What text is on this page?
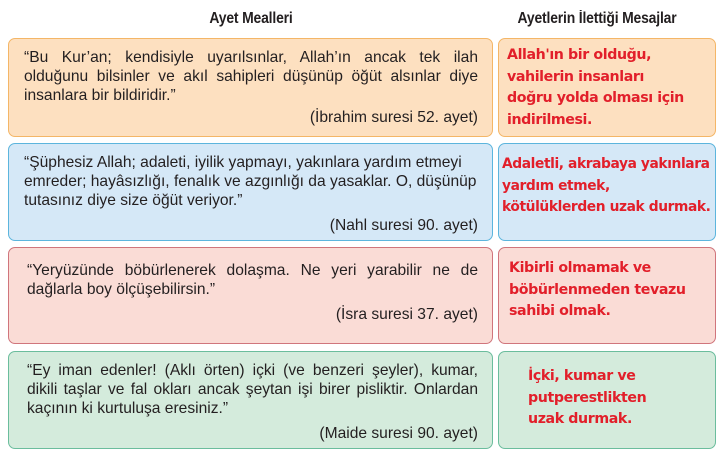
Ayet Mealleri	Ayetlerin İlettiği Mesajlar
“Bu Kur’an; kendisiyle uyarılsınlar, Allah’ın ancak tek ilah olduğunu bilsinler ve akıl sahipleri düşünüp öğüt alsınlar diye insanlara bir bildiridir.”
(İbrahim suresi 52. ayet)
Allah'ın bir olduğu, vahilerin insanları doğru yolda olması için indirilmesi.
“Şüphesiz Allah; adaleti, iyilik yapmayı, yakınlara yardım etmeyi emreder; hayâsızlığı, fenalık ve azgınlığı da yasaklar. O, düşünüp tutasınız diye size öğüt veriyor.”
(Nahl suresi 90. ayet)
Adaletli, akrabaya yakınlara yardım etmek, kötülüklerden uzak durmak.
“Yeryüzünde böbürlenerek dolaşma. Ne yeri yarabilir ne de dağlarla boy ölçüşebilirsin.”
(İsra suresi 37. ayet)
Kibirli olmamak ve böbürlenmeden tevazu sahibi olmak.
“Ey iman edenler! (Aklı örten) içki (ve benzeri şeyler), kumar, dikili taşlar ve fal okları ancak şeytan işi birer pisliktir. Onlardan kaçının ki kurtuluşa eresiniz.”
(Maide suresi 90. ayet)
İçki, kumar ve putperestlikten uzak durmak.
